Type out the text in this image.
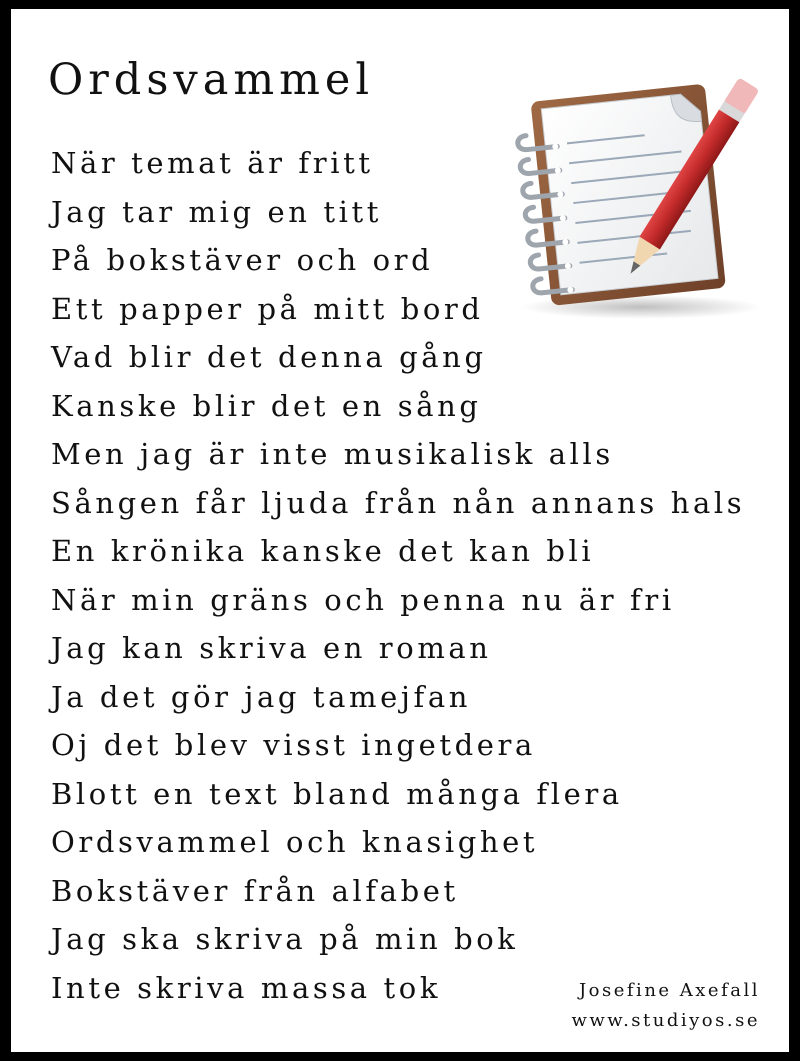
Ordsvammel
När temat är fritt
Jag tar mig en titt
På bokstäver och ord
Ett papper på mitt bord
Vad blir det denna gång
Kanske blir det en sång
Men jag är inte musikalisk alls
Sången får ljuda från nån annans hals
En krönika kanske det kan bli
När min gräns och penna nu är fri
Jag kan skriva en roman
Ja det gör jag tamejfan
Oj det blev visst ingetdera
Blott en text bland många flera
Ordsvammel och knasighet
Bokstäver från alfabet
Jag ska skriva på min bok
Inte skriva massa tok	Josefine Axefall
www.studiyos.se
